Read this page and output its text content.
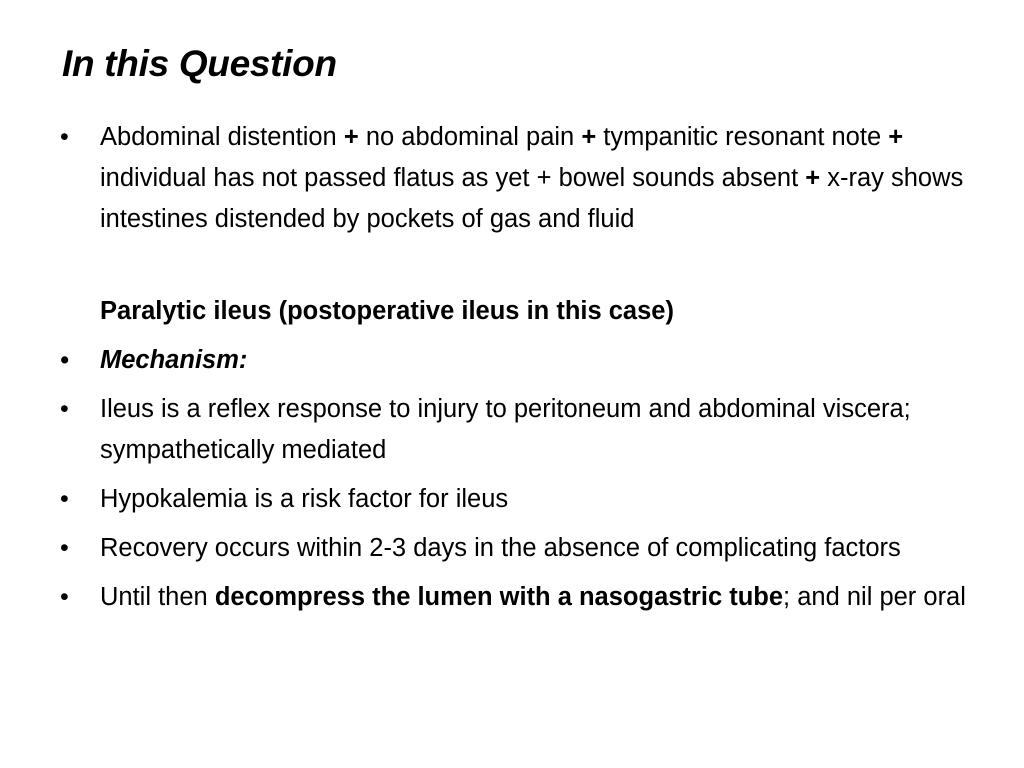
In this Question
• Abdominal distention + no abdominal pain + tympanitic resonant note + individual has not passed flatus as yet + bowel sounds absent + x-ray shows intestines distended by pockets of gas and fluid
Paralytic ileus (postoperative ileus in this case)
• Mechanism:
• Ileus is a reflex response to injury to peritoneum and abdominal viscera; sympathetically mediated
• Hypokalemia is a risk factor for ileus
• Recovery occurs within 2-3 days in the absence of complicating factors
• Until then decompress the lumen with a nasogastric tube; and nil per oral
